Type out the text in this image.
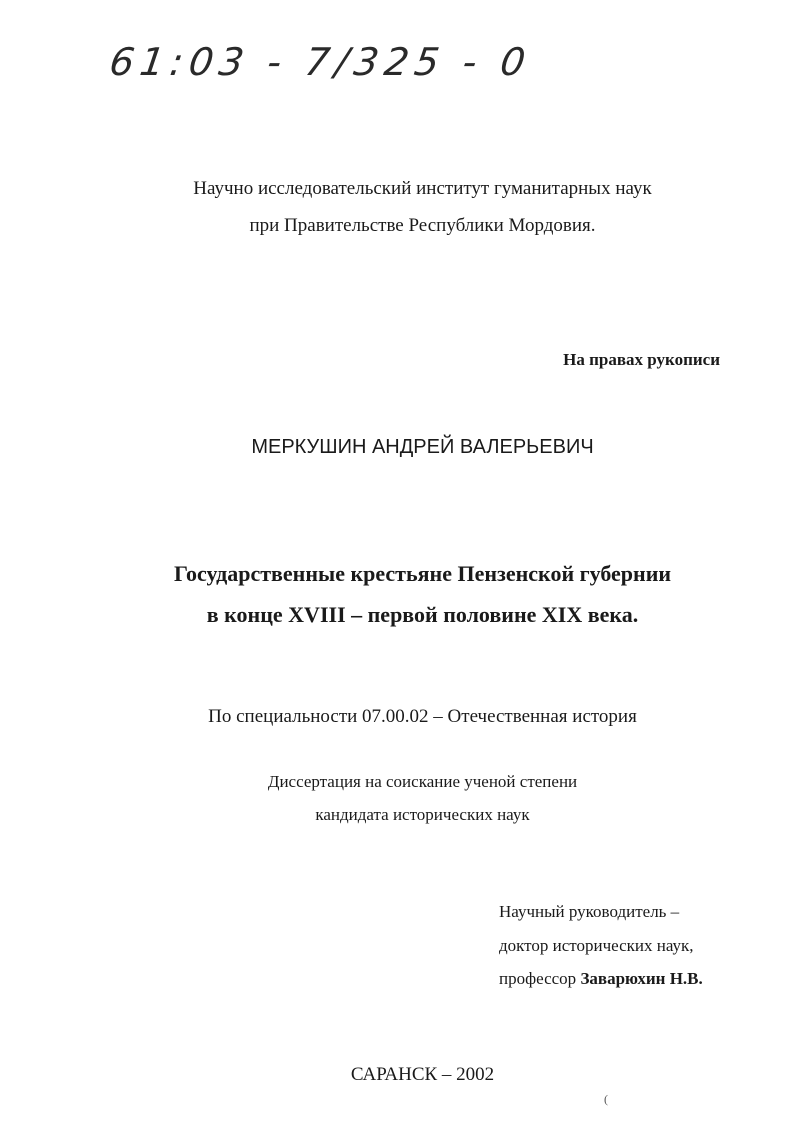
61:03 - 7/325 - 0
Научно исследовательский институт гуманитарных наук
при Правительстве Республики Мордовия.
На правах рукописи
МЕРКУШИН АНДРЕЙ ВАЛЕРЬЕВИЧ
Государственные крестьяне Пензенской губернии
в конце XVIII – первой половине XIX века.
По специальности 07.00.02 – Отечественная история
Диссертация на соискание ученой степени
кандидата исторических наук
Научный руководитель –
доктор исторических наук,
профессор Заварюхин Н.В.
САРАНСК – 2002
(
